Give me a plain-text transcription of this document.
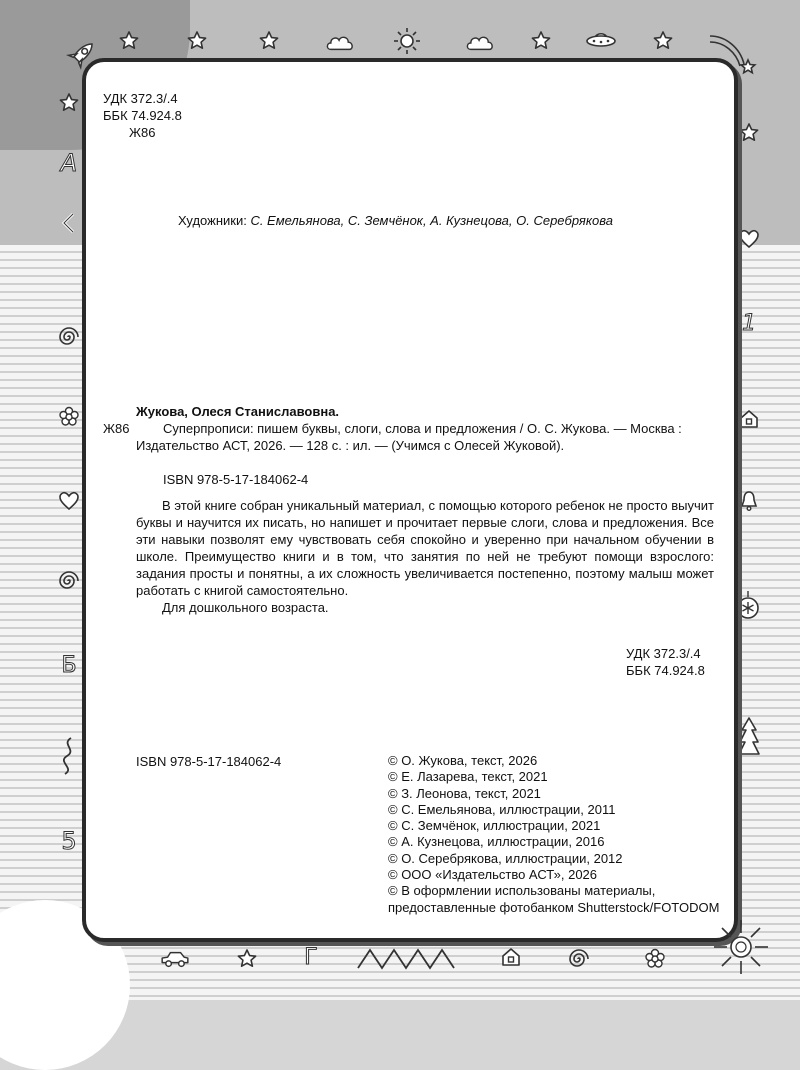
A
Б
5
1
Г
УДК 372.3/.4
ББК 74.924.8
Ж86
Художники: С. Емельянова, С. Земчёнок, А. Кузнецова, О. Серебрякова
Жукова, Олеся Станиславовна.
Ж86	Суперпрописи: пишем буквы, слоги, слова и предложения / О. С. Жукова. — Москва :
Издательство АСТ, 2026. — 128 с. : ил. — (Учимся с Олесей Жуковой).
ISBN 978-5-17-184062-4

В этой книге собран уникальный материал, с помощью которого ребенок не просто выучит буквы и научится их писать, но напишет и прочитает первые слоги, слова и предложения. Все эти навыки позволят ему чувствовать себя спокойно и уверенно при начальном обучении в школе. Преимущество книги и в том, что занятия по ней не требуют помощи взрослого: задания просты и понятны, а их сложность увеличивается постепенно, поэтому малыш может работать с книгой самостоятельно.

Для дошкольного возраста.

УДК 372.3/.4
ББК 74.924.8
ISBN 978-5-17-184062-4	© О. Жукова, текст, 2026
© Е. Лазарева, текст, 2021
© З. Леонова, текст, 2021
© С. Емельянова, иллюстрации, 2011
© С. Земчёнок, иллюстрации, 2021
© А. Кузнецова, иллюстрации, 2016
© О. Серебрякова, иллюстрации, 2012
© ООО «Издательство АСТ», 2026
© В оформлении использованы материалы,
предоставленные фотобанком Shutterstock/FOTODOM
